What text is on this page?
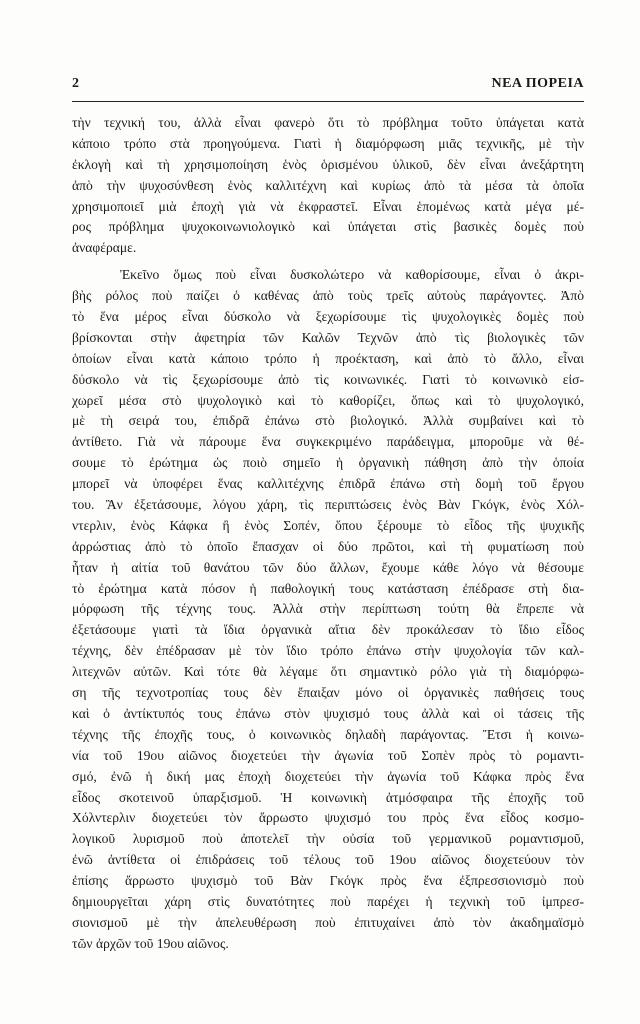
2	ΝΕΑ ΠΟΡΕΙΑ
τὴν τεχνική του, ἀλλὰ εἶναι φανερὸ ὅτι τὸ πρόβλημα τοῦτο ὑπάγεται κατὰ
κάποιο τρόπο στὰ προηγούμενα. Γιατὶ ἡ διαμόρφωση μιᾶς τεχνικῆς, μὲ τὴν
ἐκλογὴ καὶ τὴ χρησιμοποίηση ἑνὸς ὁρισμένου ὑλικοῦ, δὲν εἶναι ἀνεξάρτητη
ἀπὸ τὴν ψυχοσύνθεση ἑνὸς καλλιτέχνη καὶ κυρίως ἀπὸ τὰ μέσα τὰ ὁποῖα
χρησιμοποιεῖ μιὰ ἐποχὴ γιὰ νὰ ἐκφραστεῖ. Εἶναι ἑπομένως κατὰ μέγα μέ-
ρος πρόβλημα ψυχοκοινωνιολογικὸ καὶ ὑπάγεται στὶς βασικὲς δομὲς ποὺ
ἀναφέραμε.
Ἐκεῖνο ὅμως ποὺ εἶναι δυσκολώτερο νὰ καθορίσουμε, εἶναι ὁ ἀκρι-
βὴς ρόλος ποὺ παίζει ὁ καθένας ἀπὸ τοὺς τρεῖς αὐτοὺς παράγοντες. Ἀπὸ
τὸ ἕνα μέρος εἶναι δύσκολο νὰ ξεχωρίσουμε τὶς ψυχολογικὲς δομὲς ποὺ
βρίσκονται στὴν ἀφετηρία τῶν Καλῶν Τεχνῶν ἀπὸ τὶς βιολογικὲς τῶν
ὁποίων εἶναι κατὰ κάποιο τρόπο ἡ προέκταση, καὶ ἀπὸ τὸ ἄλλο, εἶναι
δύσκολο νὰ τὶς ξεχωρίσουμε ἀπὸ τὶς κοινωνικές. Γιατὶ τὸ κοινωνικὸ εἰσ-
χωρεῖ μέσα στὸ ψυχολογικὸ καὶ τὸ καθορίζει, ὅπως καὶ τὸ ψυχολογικό,
μὲ τὴ σειρά του, ἐπιδρᾶ ἐπάνω στὸ βιολογικό. Ἀλλὰ συμβαίνει καὶ τὸ
ἀντίθετο. Γιὰ νὰ πάρουμε ἕνα συγκεκριμένο παράδειγμα, μποροῦμε νὰ θέ-
σουμε τὸ ἐρώτημα ὡς ποιὸ σημεῖο ἡ ὀργανικὴ πάθηση ἀπὸ τὴν ὁποία
μπορεῖ νὰ ὑποφέρει ἕνας καλλιτέχνης ἐπιδρᾶ ἐπάνω στὴ δομὴ τοῦ ἔργου
του. Ἂν ἐξετάσουμε, λόγου χάρη, τὶς περιπτώσεις ἑνὸς Βὰν Γκόγκ, ἑνὸς Χόλ-
ντερλιν, ἑνὸς Κάφκα ἢ ἑνὸς Σοπέν, ὅπου ξέρουμε τὸ εἶδος τῆς ψυχικῆς
ἀρρώστιας ἀπὸ τὸ ὁποῖο ἔπασχαν οἱ δύο πρῶτοι, καὶ τὴ φυματίωση ποὺ
ἦταν ἡ αἰτία τοῦ θανάτου τῶν δύο ἄλλων, ἔχουμε κάθε λόγο νὰ θέσουμε
τὸ ἐρώτημα κατὰ πόσον ἡ παθολογική τους κατάσταση ἐπέδρασε στὴ δια-
μόρφωση τῆς τέχνης τους. Ἀλλὰ στὴν περίπτωση τούτη θὰ ἔπρεπε νὰ
ἐξετάσουμε γιατὶ τὰ ἴδια ὀργανικὰ αἴτια δὲν προκάλεσαν τὸ ἴδιο εἶδος
τέχνης, δὲν ἐπέδρασαν μὲ τὸν ἴδιο τρόπο ἐπάνω στὴν ψυχολογία τῶν καλ-
λιτεχνῶν αὐτῶν. Καὶ τότε θὰ λέγαμε ὅτι σημαντικὸ ρόλο γιὰ τὴ διαμόρφω-
ση τῆς τεχνοτροπίας τους δὲν ἔπαιξαν μόνο οἱ ὀργανικὲς παθήσεις τους
καὶ ὁ ἀντίκτυπός τους ἐπάνω στὸν ψυχισμό τους ἀλλὰ καὶ οἱ τάσεις τῆς
τέχνης τῆς ἐποχῆς τους, ὁ κοινωνικὸς δηλαδὴ παράγοντας. Ἔτσι ἡ κοινω-
νία τοῦ 19ου αἰῶνος διοχετεύει τὴν ἀγωνία τοῦ Σοπὲν πρὸς τὸ ρομαντι-
σμό, ἐνῶ ἡ δική μας ἐποχὴ διοχετεύει τὴν ἀγωνία τοῦ Κάφκα πρὸς ἕνα
εἶδος σκοτεινοῦ ὑπαρξισμοῦ. Ἡ κοινωνικὴ ἀτμόσφαιρα τῆς ἐποχῆς τοῦ
Χόλντερλιν διοχετεύει τὸν ἄρρωστο ψυχισμό του πρὸς ἕνα εἶδος κοσμο-
λογικοῦ λυρισμοῦ ποὺ ἀποτελεῖ τὴν οὐσία τοῦ γερμανικοῦ ρομαντισμοῦ,
ἐνῶ ἀντίθετα οἱ ἐπιδράσεις τοῦ τέλους τοῦ 19ου αἰῶνος διοχετεύουν τὸν
ἐπίσης ἄρρωστο ψυχισμὸ τοῦ Βὰν Γκόγκ πρὸς ἕνα ἐξπρεσσιονισμὸ ποὺ
δημιουργεῖται χάρη στὶς δυνατότητες ποὺ παρέχει ἡ τεχνικὴ τοῦ ἰμπρεσ-
σιονισμοῦ μὲ τὴν ἀπελευθέρωση ποὺ ἐπιτυχαίνει ἀπὸ τὸν ἀκαδημαϊσμὸ
τῶν ἀρχῶν τοῦ 19ου αἰῶνος.
